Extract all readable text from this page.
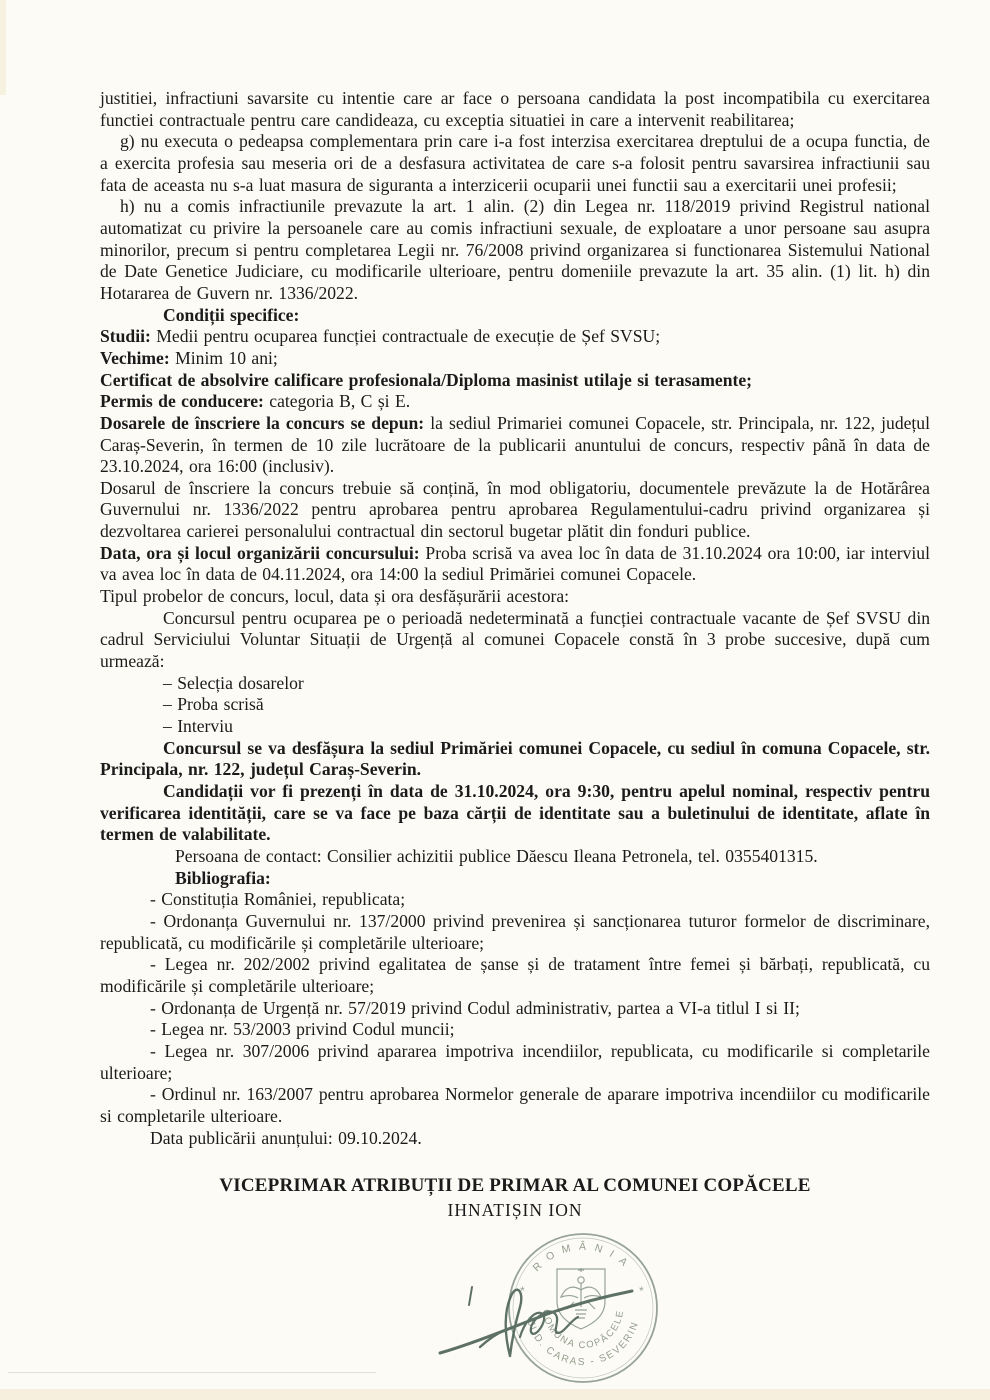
justitiei, infractiuni savarsite cu intentie care ar face o persoana candidata la post incompatibila cu exercitarea functiei contractuale pentru care candideaza, cu exceptia situatiei in care a intervenit reabilitarea;

g) nu executa o pedeapsa complementara prin care i-a fost interzisa exercitarea dreptului de a ocupa functia, de a exercita profesia sau meseria ori de a desfasura activitatea de care s-a folosit pentru savarsirea infractiunii sau fata de aceasta nu s-a luat masura de siguranta a interzicerii ocuparii unei functii sau a exercitarii unei profesii;

h) nu a comis infractiunile prevazute la art. 1 alin. (2) din Legea nr. 118/2019 privind Registrul national automatizat cu privire la persoanele care au comis infractiuni sexuale, de exploatare a unor persoane sau asupra minorilor, precum si pentru completarea Legii nr. 76/2008 privind organizarea si functionarea Sistemului National de Date Genetice Judiciare, cu modificarile ulterioare, pentru domeniile prevazute la art. 35 alin. (1) lit. h) din Hotararea de Guvern nr. 1336/2022.

Condiții specifice:

Studii: Medii pentru ocuparea funcției contractuale de execuție de Șef SVSU;

Vechime: Minim 10 ani;

Certificat de absolvire calificare profesionala/Diploma masinist utilaje si terasamente;

Permis de conducere: categoria B, C și E.

Dosarele de înscriere la concurs se depun: la sediul Primariei comunei Copacele, str. Principala, nr. 122, județul Caraș-Severin, în termen de 10 zile lucrătoare de la publicarii anuntului de concurs, respectiv până în data de 23.10.2024, ora 16:00 (inclusiv).

Dosarul de înscriere la concurs trebuie să conțină, în mod obligatoriu, documentele prevăzute la de Hotărârea Guvernului nr. 1336/2022 pentru aprobarea pentru aprobarea Regulamentului-cadru privind organizarea și dezvoltarea carierei personalului contractual din sectorul bugetar plătit din fonduri publice.

Data, ora și locul organizării concursului: Proba scrisă va avea loc în data de 31.10.2024 ora 10:00, iar interviul va avea loc în data de 04.11.2024, ora 14:00 la sediul Primăriei comunei Copacele.

Tipul probelor de concurs, locul, data și ora desfășurării acestora:

Concursul pentru ocuparea pe o perioadă nedeterminată a funcției contractuale vacante de Șef SVSU din cadrul Serviciului Voluntar Situații de Urgență al comunei Copacele constă în 3 probe succesive, după cum urmează:

– Selecția dosarelor

– Proba scrisă

– Interviu

Concursul se va desfășura la sediul Primăriei comunei Copacele, cu sediul în comuna Copacele, str. Principala, nr. 122, județul Caraș-Severin.

Candidații vor fi prezenți în data de 31.10.2024, ora 9:30, pentru apelul nominal, respectiv pentru verificarea identității, care se va face pe baza cărții de identitate sau a buletinului de identitate, aflate în termen de valabilitate.

Persoana de contact: Consilier achizitii publice Dăescu Ileana Petronela, tel. 0355401315.

Bibliografia:

- Constituția României, republicata;

- Ordonanța Guvernului nr. 137/2000 privind prevenirea și sancționarea tuturor formelor de discriminare, republicată, cu modificările și completările ulterioare;

- Legea nr. 202/2002 privind egalitatea de șanse și de tratament între femei și bărbați, republicată, cu modificările și completările ulterioare;

- Ordonanța de Urgență nr. 57/2019 privind Codul administrativ, partea a VI-a titlul I si II;

- Legea nr. 53/2003 privind Codul muncii;

- Legea nr. 307/2006 privind apararea impotriva incendiilor, republicata, cu modificarile si completarile ulterioare;

- Ordinul nr. 163/2007 pentru aprobarea Normelor generale de aparare impotriva incendiilor cu modificarile si completarile ulterioare.

Data publicării anunțului: 09.10.2024.

VICEPRIMAR ATRIBUȚII DE PRIMAR AL COMUNEI COPĂCELE

IHNATIȘIN ION

ROMÂNIA
COMUNA COPĂCELE
JUD. CARAS - SEVERIN
*	*
